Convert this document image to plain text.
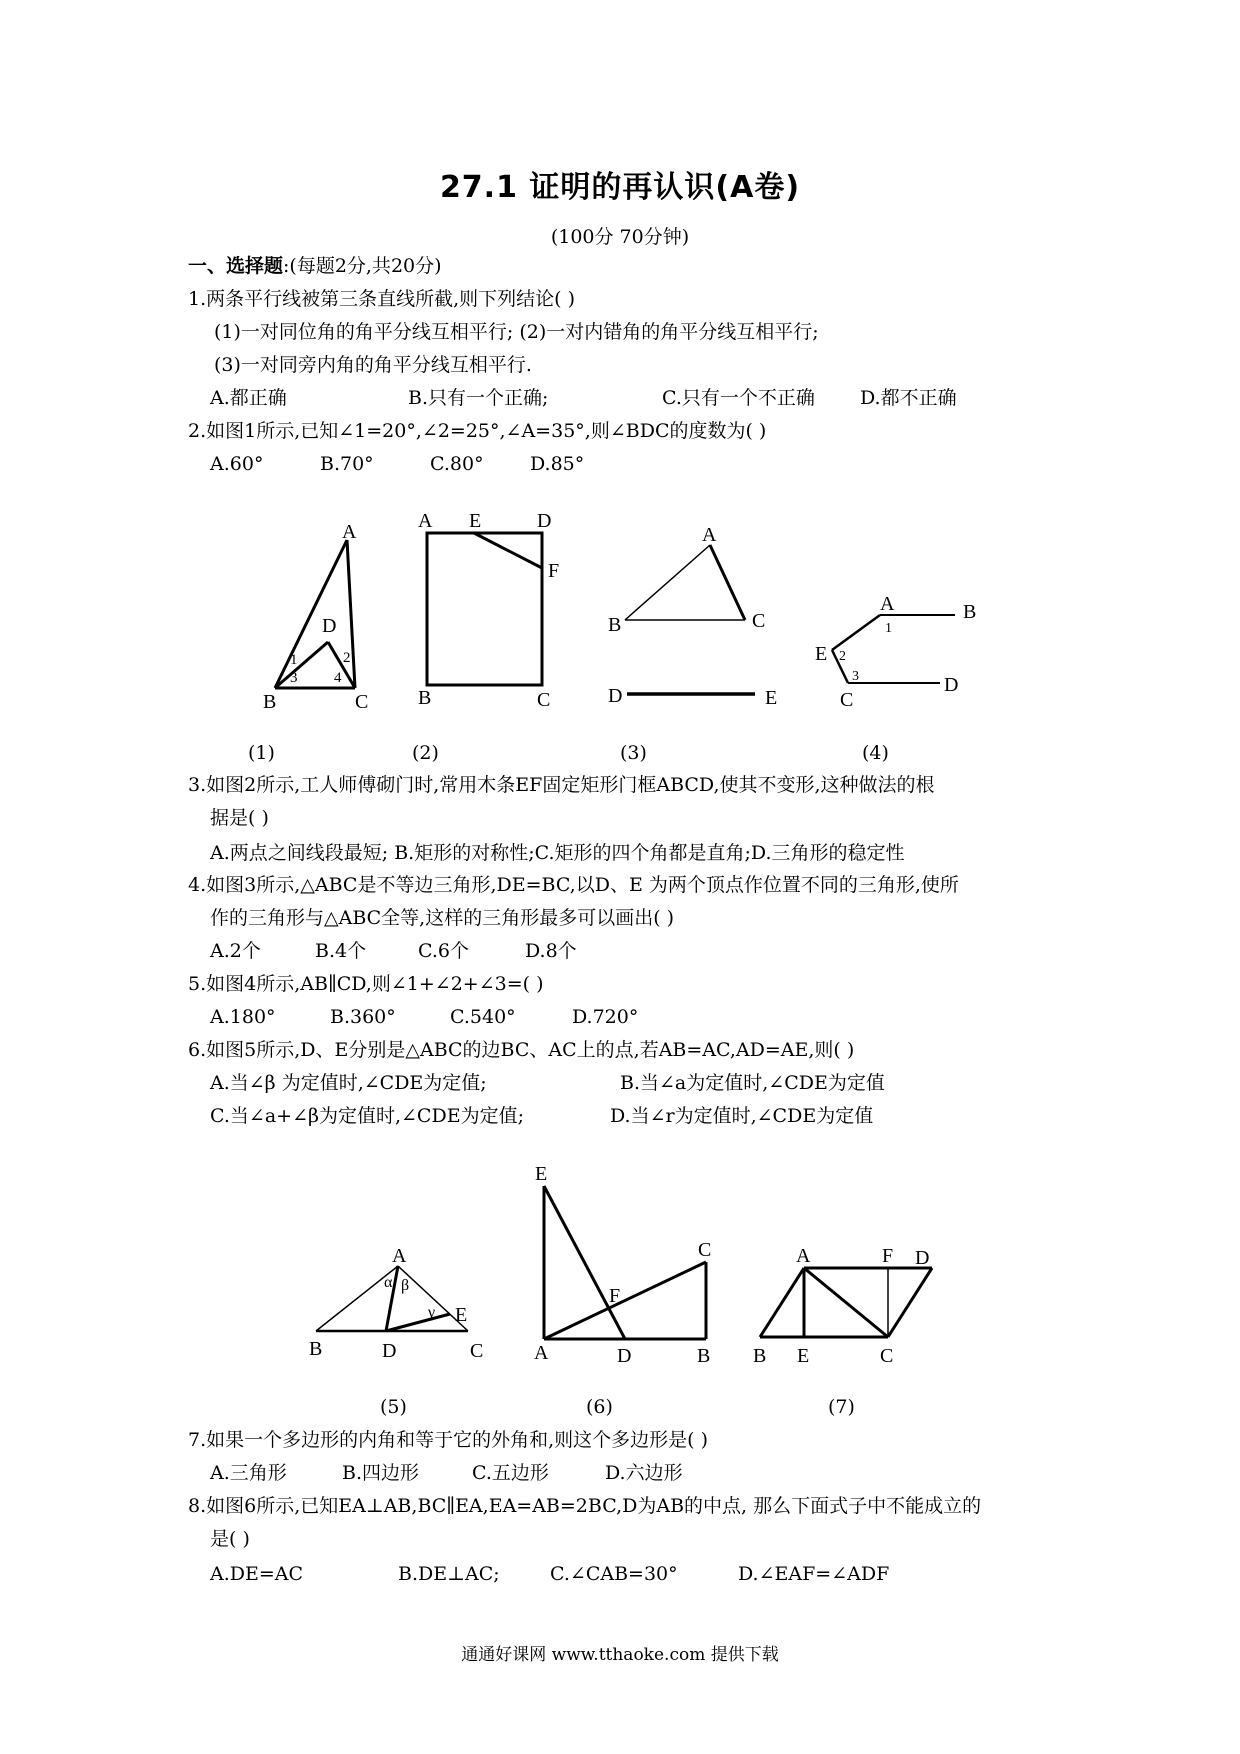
27.1 证明的再认识(A卷)
(100分 70分钟)
一、选择题:(每题2分,共20分)
1.两条平行线被第三条直线所截,则下列结论( )
(1)一对同位角的角平分线互相平行; (2)一对内错角的角平分线互相平行;
(3)一对同旁内角的角平分线互相平行.
A.都正确	B.只有一个正确;	C.只有一个不正确 D.都不正确
2.如图1所示,已知∠1=20°,∠2=25°,∠A=35°,则∠BDC的度数为( )
A.60°	B.70°	C.80° D.85°
A
B	C
D
1	2
3 4
A E	D
F
B	C
A
B	C
D	E
A	B
E
C
D
1
2
3
(1)	(2)	(3)	(4)
3.如图2所示,工人师傅砌门时,常用木条EF固定矩形门框ABCD,使其不变形,这种做法的根
据是( )
A.两点之间线段最短; B.矩形的对称性;C.矩形的四个角都是直角;D.三角形的稳定性
4.如图3所示,△ABC是不等边三角形,DE=BC,以D、E 为两个顶点作位置不同的三角形,使所
作的三角形与△ABC全等,这样的三角形最多可以画出( )
A.2个	B.4个	C.6个	D.8个
5.如图4所示,AB∥CD,则∠1+∠2+∠3=( )
A.180°	B.360°	C.540°	D.720°
6.如图5所示,D、E分别是△ABC的边BC、AC上的点,若AB=AC,AD=AE,则( )
A.当∠β 为定值时,∠CDE为定值;	B.当∠a为定值时,∠CDE为定值
C.当∠a+∠β为定值时,∠CDE为定值;	D.当∠r为定值时,∠CDE为定值
A
B	C
D
E
α β
γ
E
C
F
A	D	B
A	F D
B E	C
(5)	(6)	(7)
7.如果一个多边形的内角和等于它的外角和,则这个多边形是( )
A.三角形	B.四边形	C.五边形	D.六边形
8.如图6所示,已知EA⊥AB,BC∥EA,EA=AB=2BC,D为AB的中点, 那么下面式子中不能成立的
是( )
A.DE=AC	B.DE⊥AC;	C.∠CAB=30°	D.∠EAF=∠ADF
通通好课网 www.tthaoke.com 提供下载
